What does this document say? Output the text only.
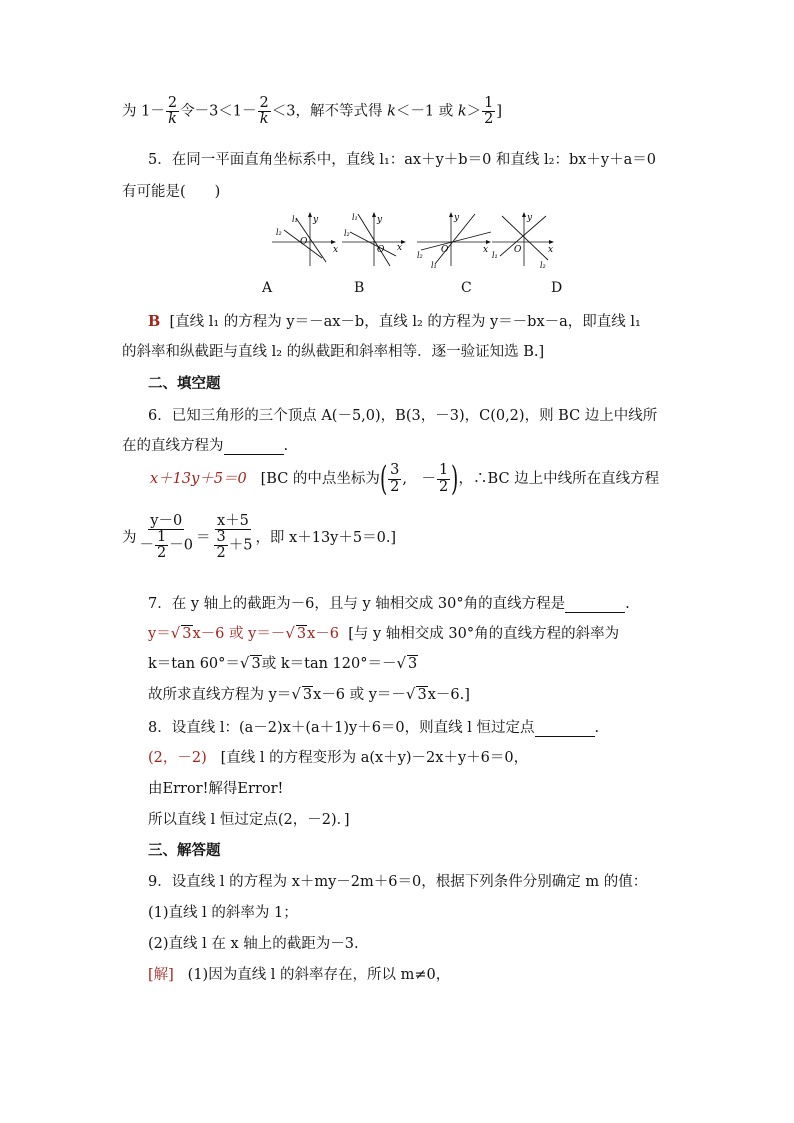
为 $1- \frac{2}{k}$ 令$-3<1- \frac{2}{k} <3$，解不等式得 k＜－1 或 $k> \frac{1}{2}$ ]
5．在同一平面直角坐标系中，直线 l₁：ax＋y＋b＝0 和直线 l₂：bx＋y＋a＝0
有可能是(　　)
O
y
x
l₁
l₂
O
y
x
l₁
l₂
O
y
x
l₂
l₁
O
y
x
l₁
l₂
A	B	C	D
B [直线 l₁ 的方程为 y＝－ax－b，直线 l₂ 的方程为 y＝－bx－a，即直线 l₁
的斜率和纵截距与直线 l₂ 的纵截距和斜率相等．逐一验证知选 B.]
二、填空题
6．已知三角形的三个顶点 A(－5,0)，B(3，－3)，C(0,2)，则 BC 边上中线所
在的直线方程为	.
x＋13y＋5＝0 [BC 的中点坐标为( $\frac{3}{2}$ ,　－ $\frac{1}{2}$ )，∴BC 边上中线所在直线方程
为 $\frac{y-0}{- \frac{1}{2} -0} = \frac{x+5}{\frac{3}{2} +5}$ ，即 x＋13y＋5＝0.]
7．在 y 轴上的截距为－6，且与 y 轴相交成 30°角的直线方程是	.
y＝√ 3x－6 或 y＝－√ 3x－6 [与 y 轴相交成 30°角的直线方程的斜率为
k＝tan 60°＝√ 3或 k＝tan 120°＝－√ 3
故所求直线方程为 y＝√ 3x－6 或 y＝－√ 3x－6.]
8．设直线 l：(a－2)x＋(a＋1)y＋6＝0，则直线 l 恒过定点	.
(2，－2) [直线 l 的方程变形为 a(x＋y)－2x＋y＋6＝0，
由Error!解得Error!
所以直线 l 恒过定点(2，－2)．]
三、解答题
9．设直线 l 的方程为 x＋my－2m＋6＝0，根据下列条件分别确定 m 的值：
(1)直线 l 的斜率为 1；
(2)直线 l 在 x 轴上的截距为－3.
[解] (1)因为直线 l 的斜率存在，所以 m≠0，
